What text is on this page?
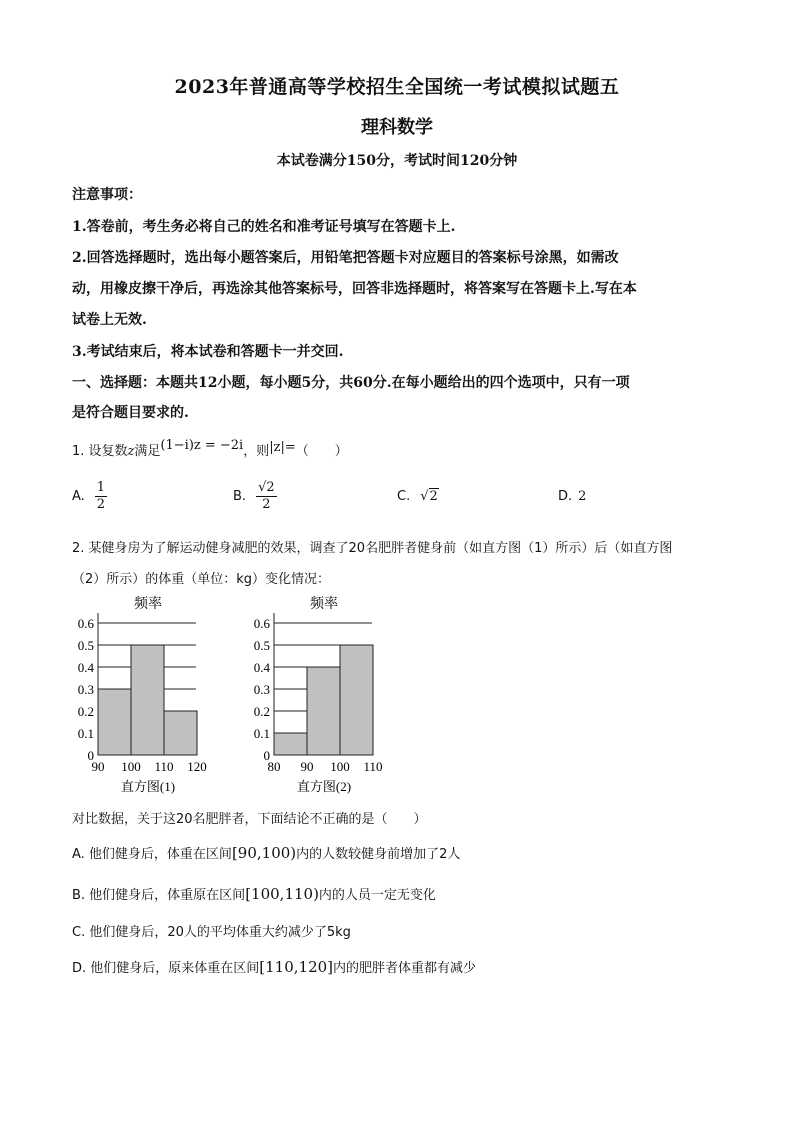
2023年普通高等学校招生全国统一考试模拟试题五
理科数学
本试卷满分150分，考试时间120分钟
注意事项：
1.答卷前，考生务必将自己的姓名和准考证号填写在答题卡上.
2.回答选择题时，选出每小题答案后，用铅笔把答题卡对应题目的答案标号涂黑，如需改
动，用橡皮擦干净后，再选涂其他答案标号，回答非选择题时，将答案写在答题卡上.写在本
试卷上无效.
3.考试结束后，将本试卷和答题卡一并交回.
一、选择题：本题共12小题，每小题5分，共60分.在每小题给出的四个选项中，只有一项
是符合题目要求的.
1. 设复数z满足(1−i)z = −2i，则|z|=（　　）
A. $\frac{1}{2}$	B. $\frac{√2}{2}$	C. √2	D. 2
2. 某健身房为了解运动健身减肥的效果，调查了20名肥胖者健身前（如直方图（1）所示）后（如直方图
（2）所示）的体重（单位：kg）变化情况：
0
0.1
0.2
0.3
0.4
0.5
0.6
90 100 110 120
频率
直方图(1)
0
0.1
0.2
0.3
0.4
0.5
0.6
80 90 100 110
频率
直方图(2)
对比数据，关于这20名肥胖者，下面结论不正确的是（　　）
A. 他们健身后，体重在区间[90,100)内的人数较健身前增加了2人
B. 他们健身后，体重原在区间[100,110)内的人员一定无变化
C. 他们健身后，20人的平均体重大约减少了5kg
D. 他们健身后，原来体重在区间[110,120]内的肥胖者体重都有减少
